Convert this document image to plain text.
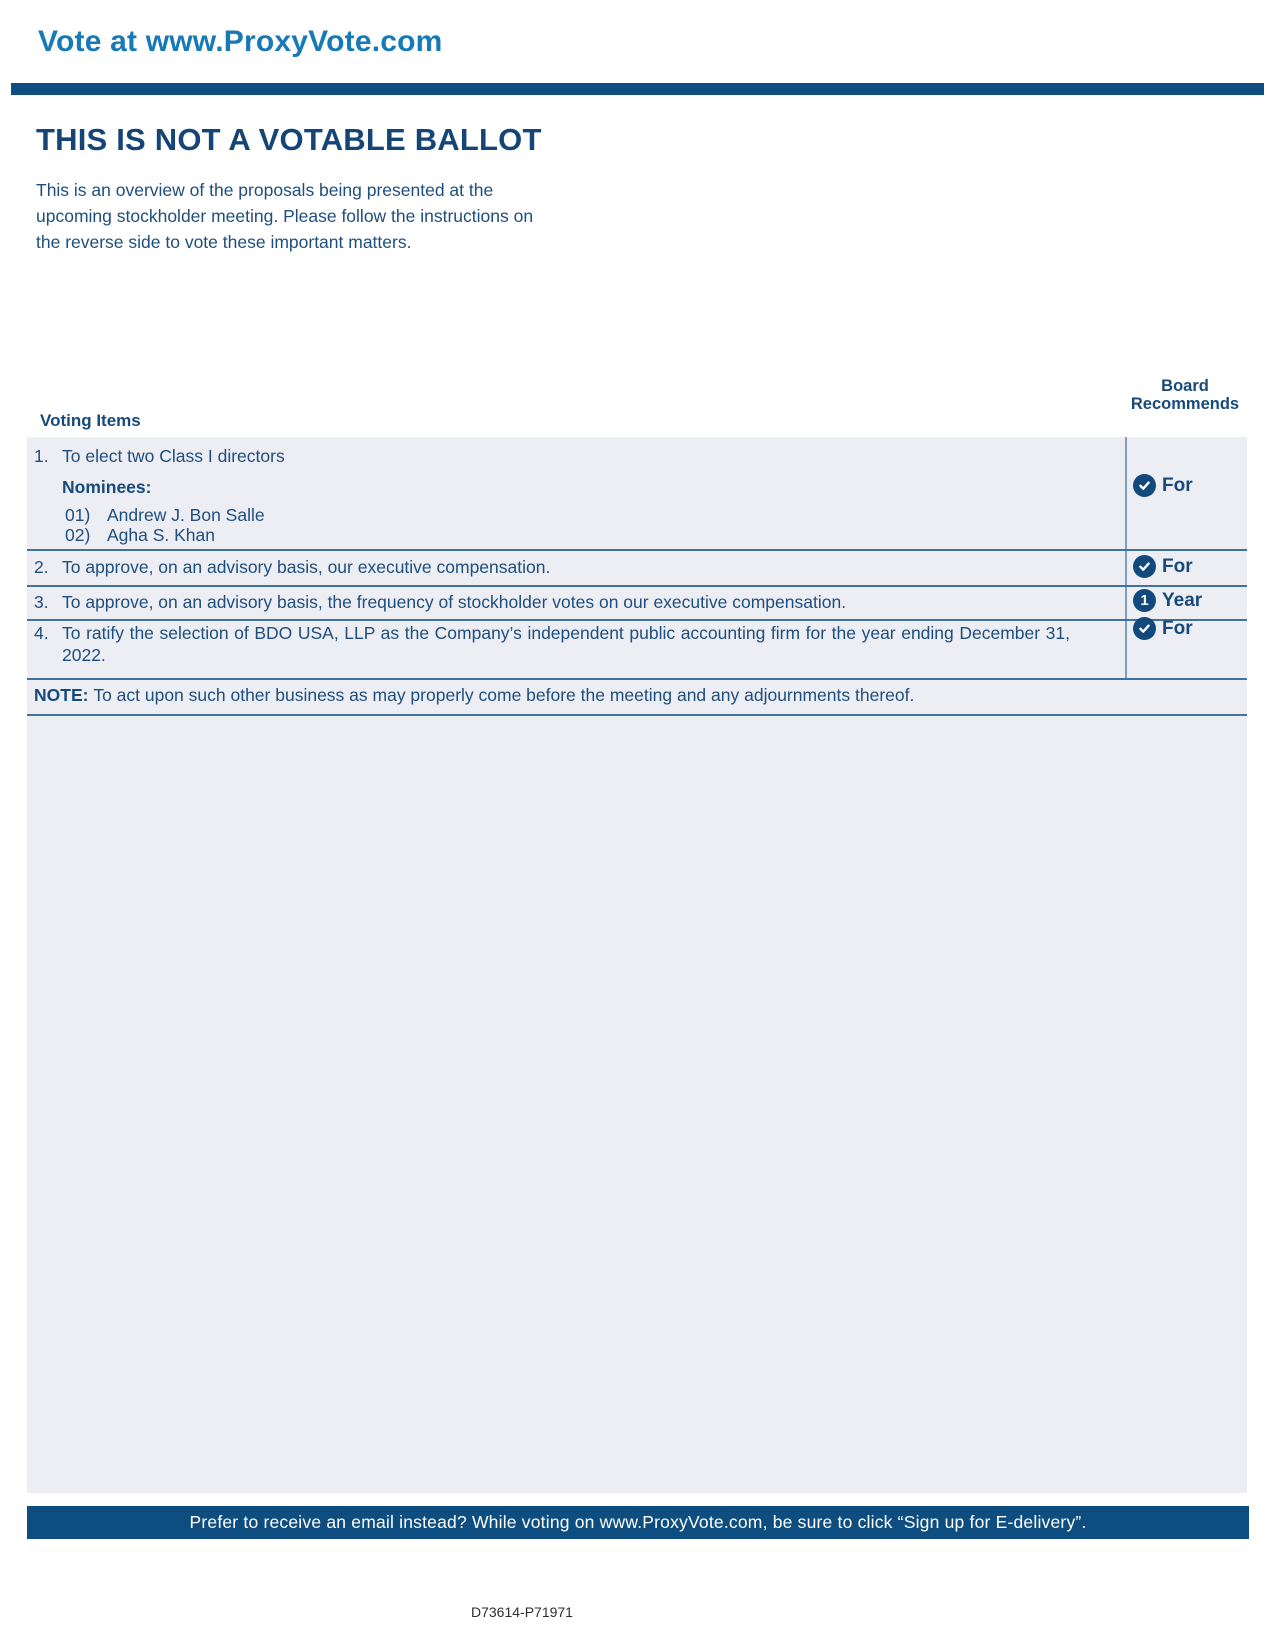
Vote at www.ProxyVote.com
THIS IS NOT A VOTABLE BALLOT
This is an overview of the proposals being presented at the
upcoming stockholder meeting. Please follow the instructions on
the reverse side to vote these important matters.
Voting Items
Board
Recommends
1. To elect two Class I directors
Nominees:
01) Andrew J. Bon Salle
02) Agha S. Khan
For
2. To approve, on an advisory basis, our executive compensation.	For
3. To approve, on an advisory basis, the frequency of stockholder votes on our executive compensation.	1 Year
4. To ratify the selection of BDO USA, LLP as the Company’s independent public accounting firm for the year ending December 31, 2022.
For
NOTE: To act upon such other business as may properly come before the meeting and any adjournments thereof.
Prefer to receive an email instead? While voting on www.ProxyVote.com, be sure to click “Sign up for E-delivery”.
D73614-P71971
